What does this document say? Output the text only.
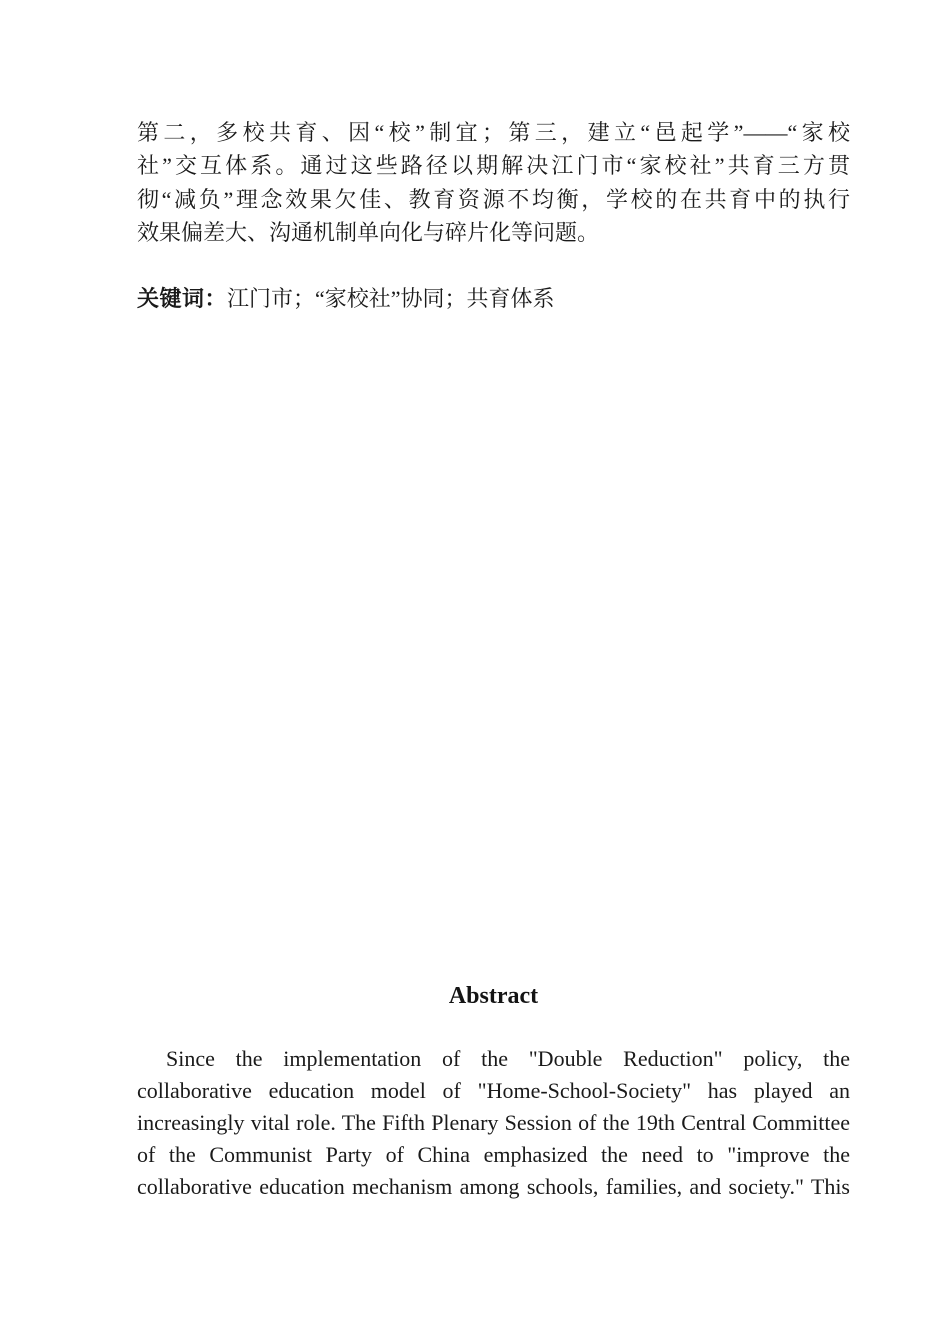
第二，多校共育、因“校”制宜；第三，建立“邑起学”——“家校
社”交互体系。通过这些路径以期解决江门市“家校社”共育三方贯
彻“减负”理念效果欠佳、教育资源不均衡，学校的在共育中的执行
效果偏差大、沟通机制单向化与碎片化等问题。
关键词：江门市；“家校社”协同；共育体系
Abstract
Since the implementation of the "Double Reduction" policy, the
collaborative education model of "Home-School-Society" has played an
increasingly vital role. The Fifth Plenary Session of the 19th Central Committee
of the Communist Party of China emphasized the need to "improve the
collaborative education mechanism among schools, families, and society." This
